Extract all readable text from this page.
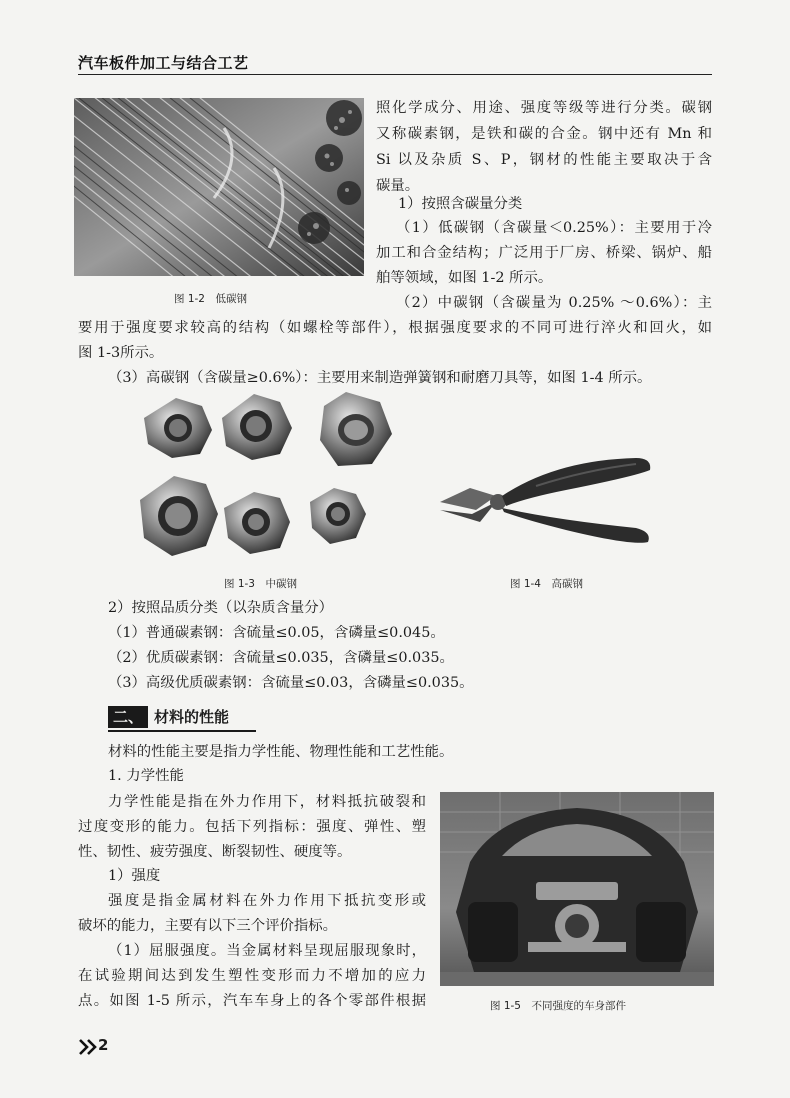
汽车板件加工与结合工艺
图 1-2　低碳钢
照化学成分、用途、强度等级等进行分类。碳钢
又称碳素钢，是铁和碳的合金。钢中还有 Mn 和
Si 以及杂质 S、P，钢材的性能主要取决于含
碳量。
1）按照含碳量分类
（1）低碳钢（含碳量＜0.25%）：主要用于冷
加工和合金结构；广泛用于厂房、桥梁、锅炉、船
舶等领域，如图 1-2 所示。
（2）中碳钢（含碳量为 0.25% ～0.6%）：主
要用于强度要求较高的结构（如螺栓等部件），根据强度要求的不同可进行淬火和回火，如
图 1-3所示。
（3）高碳钢（含碳量≥0.6%）：主要用来制造弹簧钢和耐磨刀具等，如图 1-4 所示。
图 1-3　中碳钢	图 1-4　高碳钢
2）按照品质分类（以杂质含量分）
（1）普通碳素钢：含硫量≤0.05，含磷量≤0.045。
（2）优质碳素钢：含硫量≤0.035，含磷量≤0.035。
（3）高级优质碳素钢：含硫量≤0.03，含磷量≤0.035。
二、 材料的性能
材料的性能主要是指力学性能、物理性能和工艺性能。
1. 力学性能
力学性能是指在外力作用下，材料抵抗破裂和
过度变形的能力。包括下列指标：强度、弹性、塑
性、韧性、疲劳强度、断裂韧性、硬度等。
1）强度
强度是指金属材料在外力作用下抵抗变形或
破坏的能力，主要有以下三个评价指标。
（1）屈服强度。当金属材料呈现屈服现象时，
在试验期间达到发生塑性变形而力不增加的应力
点。如图 1-5 所示，汽车车身上的各个零部件根据	图 1-5　不同强度的车身部件
2
